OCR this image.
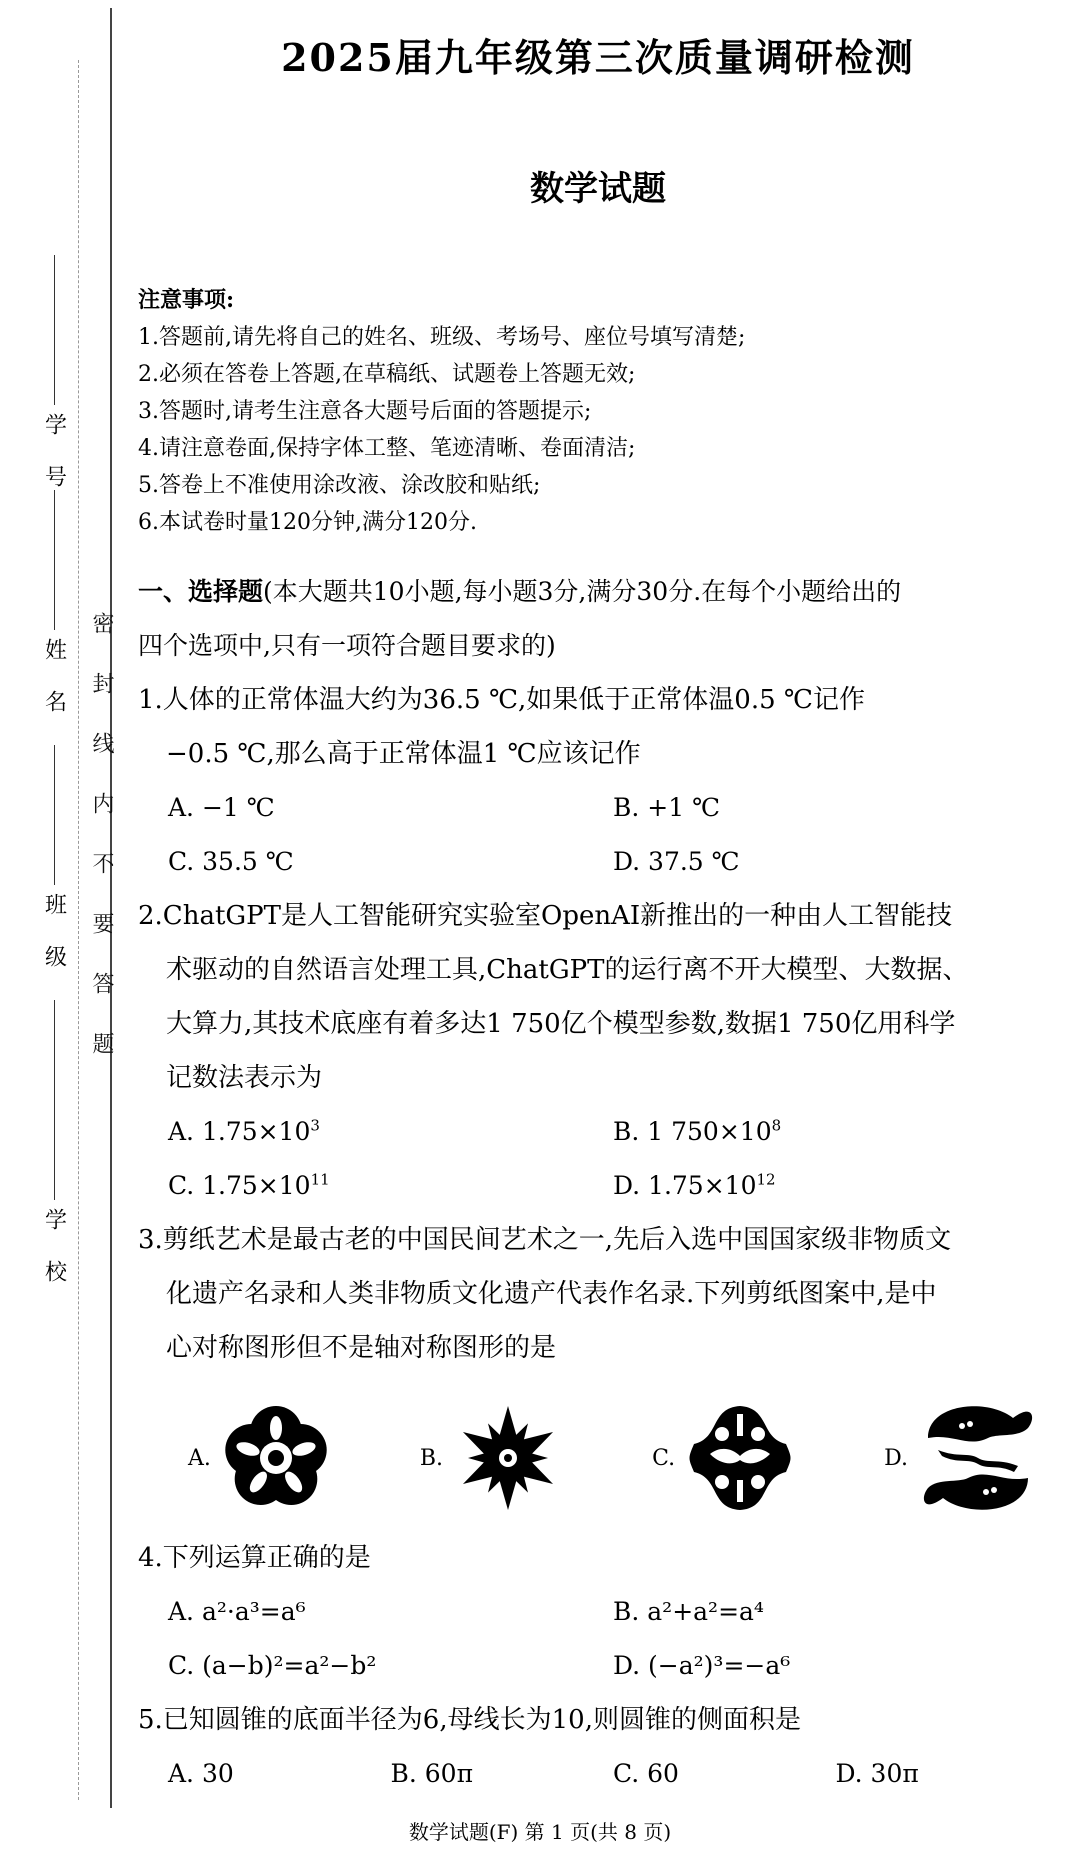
学号
姓名
班级
学校
密封线内不要答题
2025届九年级第三次质量调研检测
数学试题
注意事项:
1.答题前,请先将自己的姓名、班级、考场号、座位号填写清楚;
2.必须在答卷上答题,在草稿纸、试题卷上答题无效;
3.答题时,请考生注意各大题号后面的答题提示;
4.请注意卷面,保持字体工整、笔迹清晰、卷面清洁;
5.答卷上不准使用涂改液、涂改胶和贴纸;
6.本试卷时量120分钟,满分120分.
一、选择题(本大题共10小题,每小题3分,满分30分.在每个小题给出的
四个选项中,只有一项符合题目要求的)
1.人体的正常体温大约为36.5 ℃,如果低于正常体温0.5 ℃记作
−0.5 ℃,那么高于正常体温1 ℃应该记作
A. −1 ℃	B. +1 ℃
C. 35.5 ℃	D. 37.5 ℃
2.ChatGPT是人工智能研究实验室OpenAI新推出的一种由人工智能技
术驱动的自然语言处理工具,ChatGPT的运行离不开大模型、大数据、
大算力,其技术底座有着多达1 750亿个模型参数,数据1 750亿用科学
记数法表示为
A. $1.75\times 10^3$	B. 1 $750\times 10^8$
C. $1.75\times 10^{11}$	D. $1.75\times 10^{12}$
3.剪纸艺术是最古老的中国民间艺术之一,先后入选中国国家级非物质文
化遗产名录和人类非物质文化遗产代表作名录.下列剪纸图案中,是中
心对称图形但不是轴对称图形的是
A.	B.	C.	D.
4.下列运算正确的是
A. a²·a³=a⁶	B. a²+a²=a⁴
C. (a−b)²=a²−b²	D. (−a²)³=−a⁶
5.已知圆锥的底面半径为6,母线长为10,则圆锥的侧面积是
A. 30	B. 60π	C. 60	D. 30π
数学试题(F) 第 1 页(共 8 页)
